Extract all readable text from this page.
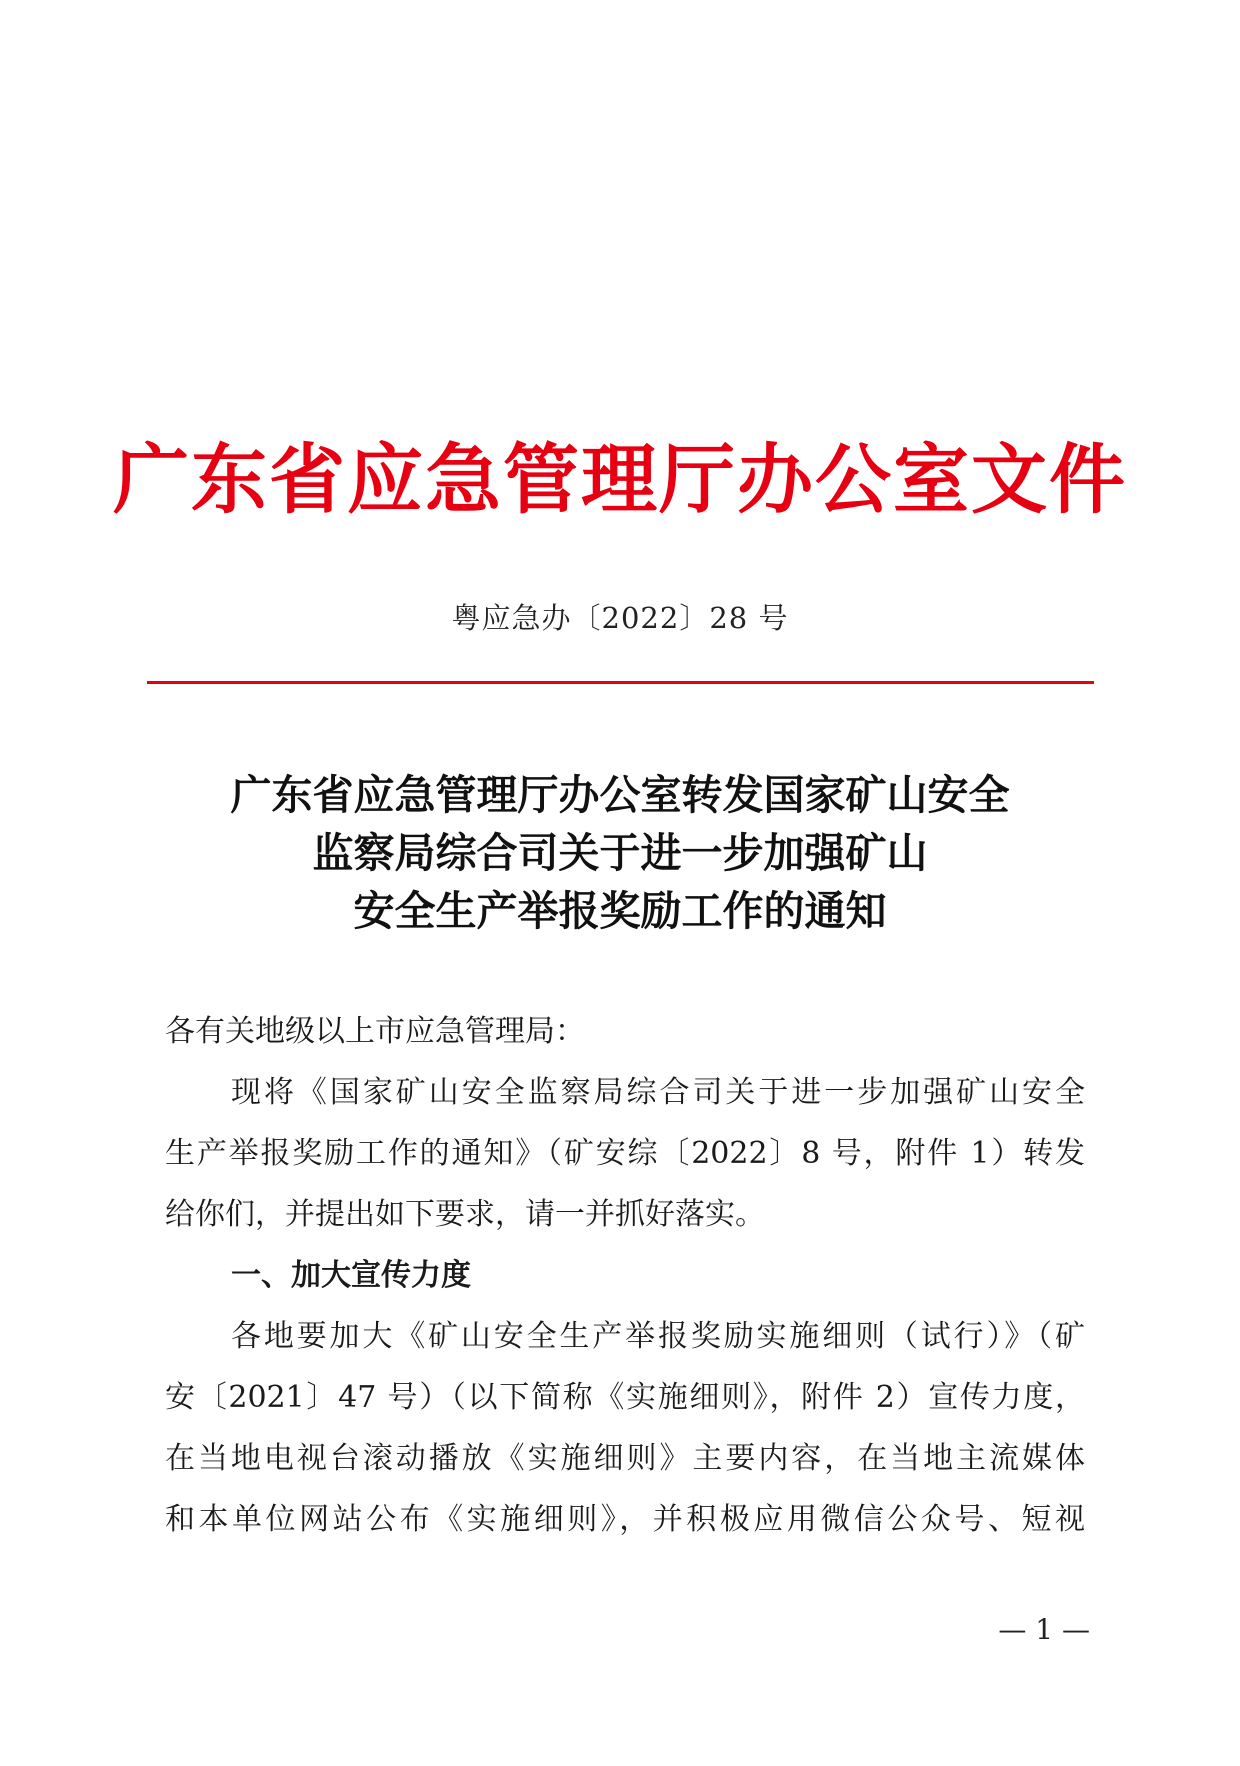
广东省应急管理厅办公室文件
粤应急办〔2022〕28 号
广东省应急管理厅办公室转发国家矿山安全
监察局综合司关于进一步加强矿山
安全生产举报奖励工作的通知
各有关地级以上市应急管理局：
现将《国家矿山安全监察局综合司关于进一步加强矿山安全
生产举报奖励工作的通知》（矿安综〔2022〕8 号，附件 1）转发
给你们，并提出如下要求，请一并抓好落实。
一、加大宣传力度
各地要加大《矿山安全生产举报奖励实施细则（试行）》（矿
安〔2021〕47 号）（以下简称《实施细则》，附件 2）宣传力度，
在当地电视台滚动播放《实施细则》主要内容，在当地主流媒体
和本单位网站公布《实施细则》，并积极应用微信公众号、短视
— 1 —
